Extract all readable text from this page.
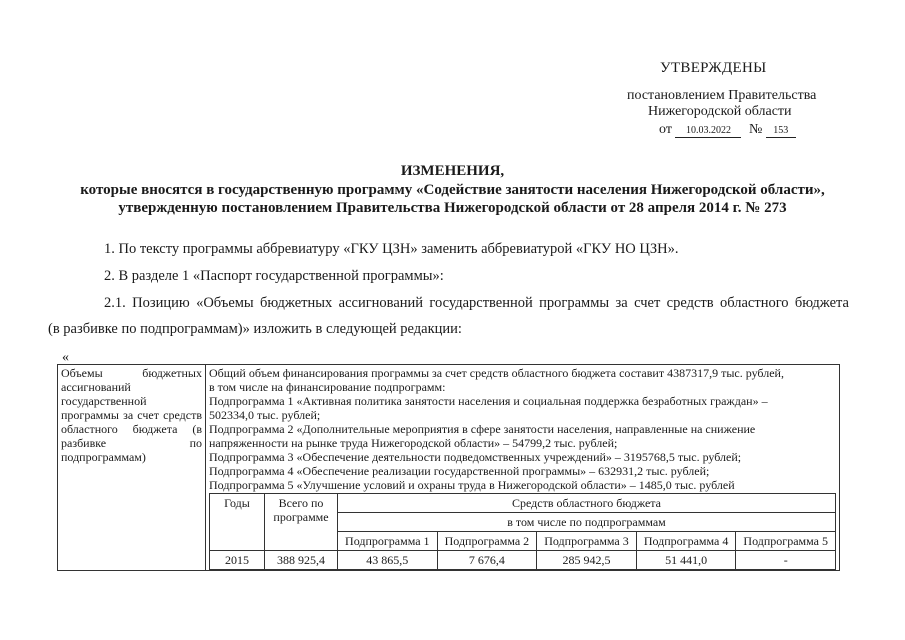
УТВЕРЖДЕНЫ
постановлением Правительства
Нижегородской области
от 10.03.2022 № 153
ИЗМЕНЕНИЯ,
которые вносятся в государственную программу «Содействие занятости населения Нижегородской области»,
утвержденную постановлением Правительства Нижегородской области от 28 апреля 2014 г. № 273
1. По тексту программы аббревиатуру «ГКУ ЦЗН» заменить аббревиатурой «ГКУ НО ЦЗН».
2. В разделе 1 «Паспорт государственной программы»:
2.1. Позицию «Объемы бюджетных ассигнований государственной программы за счет средств областного бюджета
(в разбивке по подпрограммам)» изложить в следующей редакции:
«
Объемы бюджетных ассигнований государственной программы за счет средств областного бюджета (в разбивке по подпрограммам)	
Общий объем финансирования программы за счет средств областного бюджета составит 4387317,9 тыс. рублей,
в том числе на финансирование подпрограмм:
Подпрограмма 1 «Активная политика занятости населения и социальная поддержка безработных граждан» –
502334,0 тыс. рублей;
Подпрограмма 2 «Дополнительные мероприятия в сфере занятости населения, направленные на снижение
напряженности на рынке труда Нижегородской области» – 54799,2 тыс. рублей;
Подпрограмма 3 «Обеспечение деятельности подведомственных учреждений» – 3195768,5 тыс. рублей;
Подпрограмма 4 «Обеспечение реализации государственной программы» – 632931,2 тыс. рублей;
Подпрограмма 5 «Улучшение условий и охраны труда в Нижегородской области» – 1485,0 тыс. рублей
Годы	Всего по программе	Средств областного бюджета
в том числе по подпрограммам
Подпрограмма 1	Подпрограмма 2	Подпрограмма 3	Подпрограмма 4	Подпрограмма 5
2015	388 925,4	43 865,5	7 676,4	285 942,5	51 441,0	-
